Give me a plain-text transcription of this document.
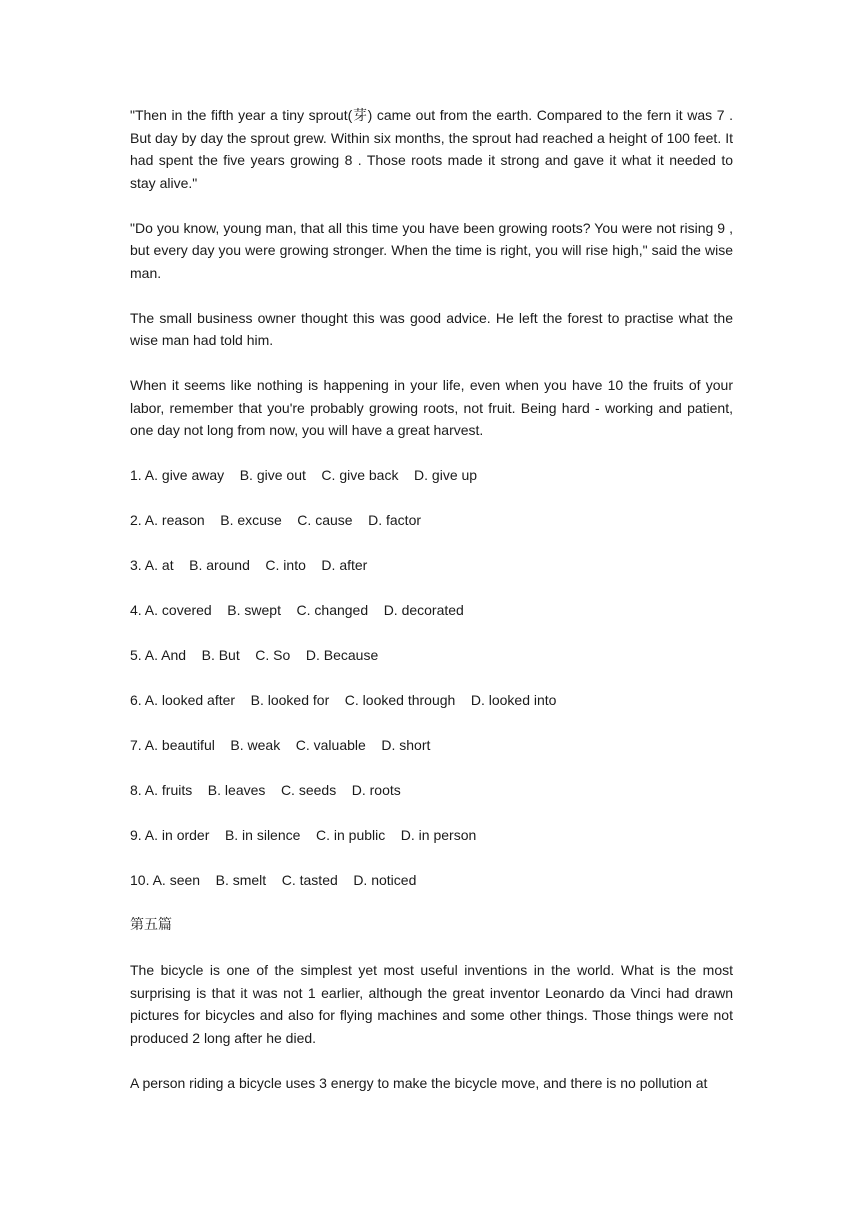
"Then in the fifth year a tiny sprout(芽) came out from the earth. Compared to the fern it was 7 . But day by day the sprout grew. Within six months, the sprout had reached a height of 100 feet. It had spent the five years growing 8 . Those roots made it strong and gave it what it needed to stay alive."

"Do you know, young man, that all this time you have been growing roots? You were not rising 9 , but every day you were growing stronger. When the time is right, you will rise high," said the wise man.

The small business owner thought this was good advice. He left the forest to practise what the wise man had told him.

When it seems like nothing is happening in your life, even when you have 10 the fruits of your labor, remember that you're probably growing roots, not fruit. Being hard - working and patient, one day not long from now, you will have a great harvest.

1. A. give away    B. give out    C. give back    D. give up

2. A. reason    B. excuse    C. cause    D. factor

3. A. at    B. around    C. into    D. after

4. A. covered    B. swept    C. changed    D. decorated

5. A. And    B. But    C. So    D. Because

6. A. looked after    B. looked for    C. looked through    D. looked into

7. A. beautiful    B. weak    C. valuable    D. short

8. A. fruits    B. leaves    C. seeds    D. roots

9. A. in order    B. in silence    C. in public    D. in person

10. A. seen    B. smelt    C. tasted    D. noticed

第五篇

The bicycle is one of the simplest yet most useful inventions in the world. What is the most surprising is that it was not 1 earlier, although the great inventor Leonardo da Vinci had drawn pictures for bicycles and also for flying machines and some other things. Those things were not produced 2 long after he died.

A person riding a bicycle uses 3 energy to make the bicycle move, and there is no pollution at
